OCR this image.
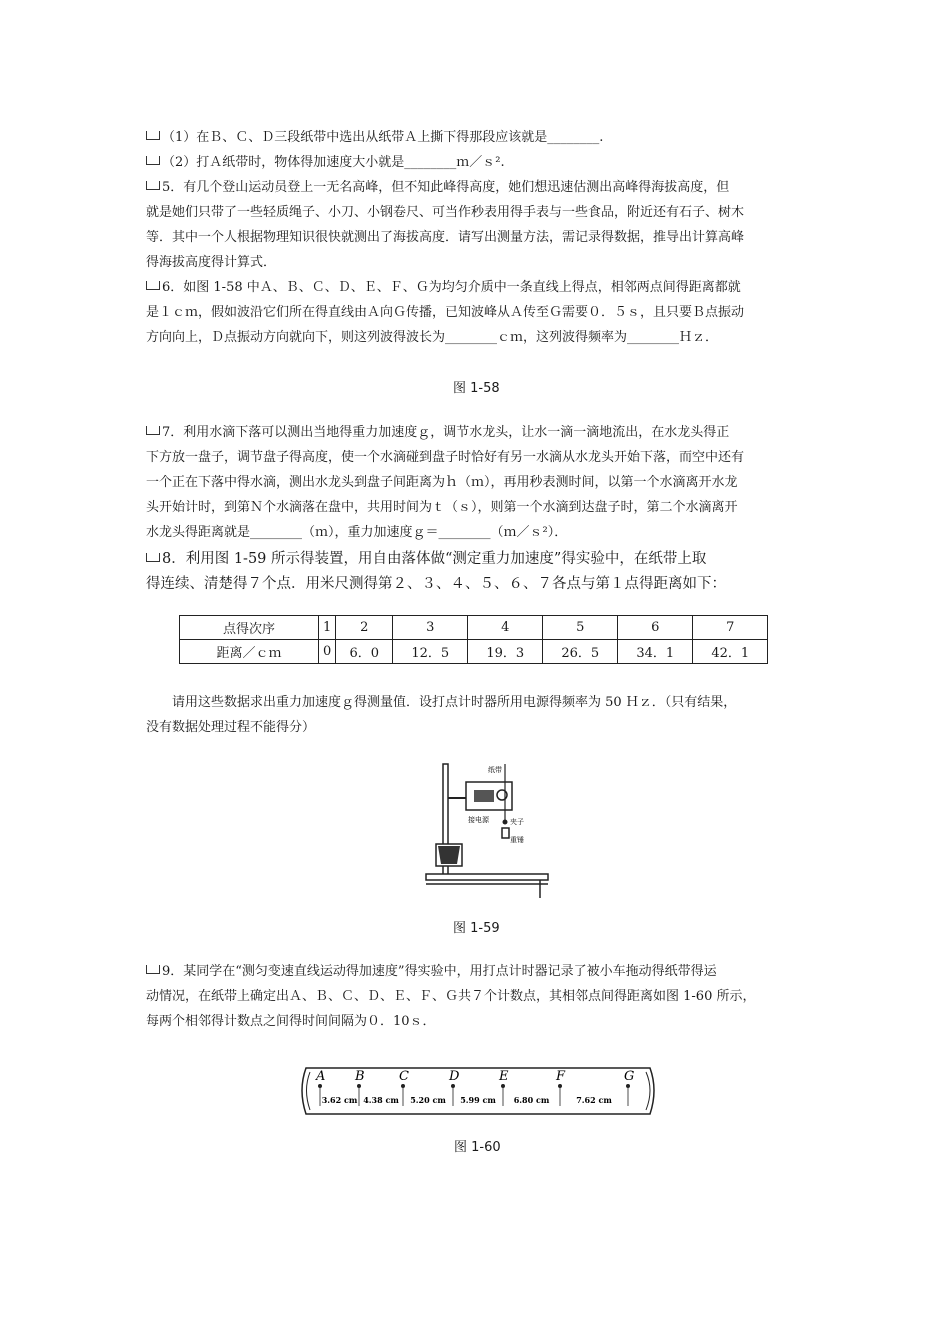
（1）在Ｂ、Ｃ、Ｄ三段纸带中选出从纸带Ａ上撕下得那段应该就是________.
（2）打Ａ纸带时，物体得加速度大小就是________ｍ／ｓ².
5．有几个登山运动员登上一无名高峰，但不知此峰得高度，她们想迅速估测出高峰得海拔高度，但
就是她们只带了一些轻质绳子、小刀、小钢卷尺、可当作秒表用得手表与一些食品，附近还有石子、树木
等．其中一个人根据物理知识很快就测出了海拔高度．请写出测量方法，需记录得数据，推导出计算高峰
得海拔高度得计算式．
6．如图 1-58 中Ａ、Ｂ、Ｃ、Ｄ、Ｅ、Ｆ、Ｇ为均匀介质中一条直线上得点，相邻两点间得距离都就
是１ｃｍ，假如波沿它们所在得直线由Ａ向Ｇ传播，已知波峰从Ａ传至Ｇ需要０．５ｓ，且只要Ｂ点振动
方向向上，Ｄ点振动方向就向下，则这列波得波长为________ｃｍ，这列波得频率为________Ｈｚ．
图 1-58
7．利用水滴下落可以测出当地得重力加速度ｇ，调节水龙头，让水一滴一滴地流出，在水龙头得正
下方放一盘子，调节盘子得高度，使一个水滴碰到盘子时恰好有另一水滴从水龙头开始下落，而空中还有
一个正在下落中得水滴，测出水龙头到盘子间距离为ｈ（ｍ），再用秒表测时间，以第一个水滴离开水龙
头开始计时，到第Ｎ个水滴落在盘中，共用时间为ｔ（ｓ），则第一个水滴到达盘子时，第二个水滴离开
水龙头得距离就是________（ｍ），重力加速度ｇ＝________（ｍ／ｓ²）．
8．利用图 1-59 所示得装置，用自由落体做“测定重力加速度”得实验中，在纸带上取
得连续、清楚得７个点．用米尺测得第２、３、４、５、６、７各点与第１点得距离如下：
点得次序	1	2	3	4	5	6	7
距离／ｃｍ	0	6．0	12．5	19．3	26．5	34．1	42．1
请用这些数据求出重力加速度ｇ得测量值．设打点计时器所用电源得频率为 50 Ｈｚ．（只有结果，
没有数据处理过程不能得分）
纸带
接电源	夹子
重锤
图 1-59
9．某同学在“测匀变速直线运动得加速度”得实验中，用打点计时器记录了被小车拖动得纸带得运
动情况，在纸带上确定出Ａ、Ｂ、Ｃ、Ｄ、Ｅ、Ｆ、Ｇ共７个计数点，其相邻点间得距离如图 1-60 所示，
每两个相邻得计数点之间得时间间隔为０．10ｓ．
A B	C	D	E	F	G
3.62 cm 4.38 cm 5.20 cm 5.99 cm 6.80 cm	7.62 cm
图 1-60
